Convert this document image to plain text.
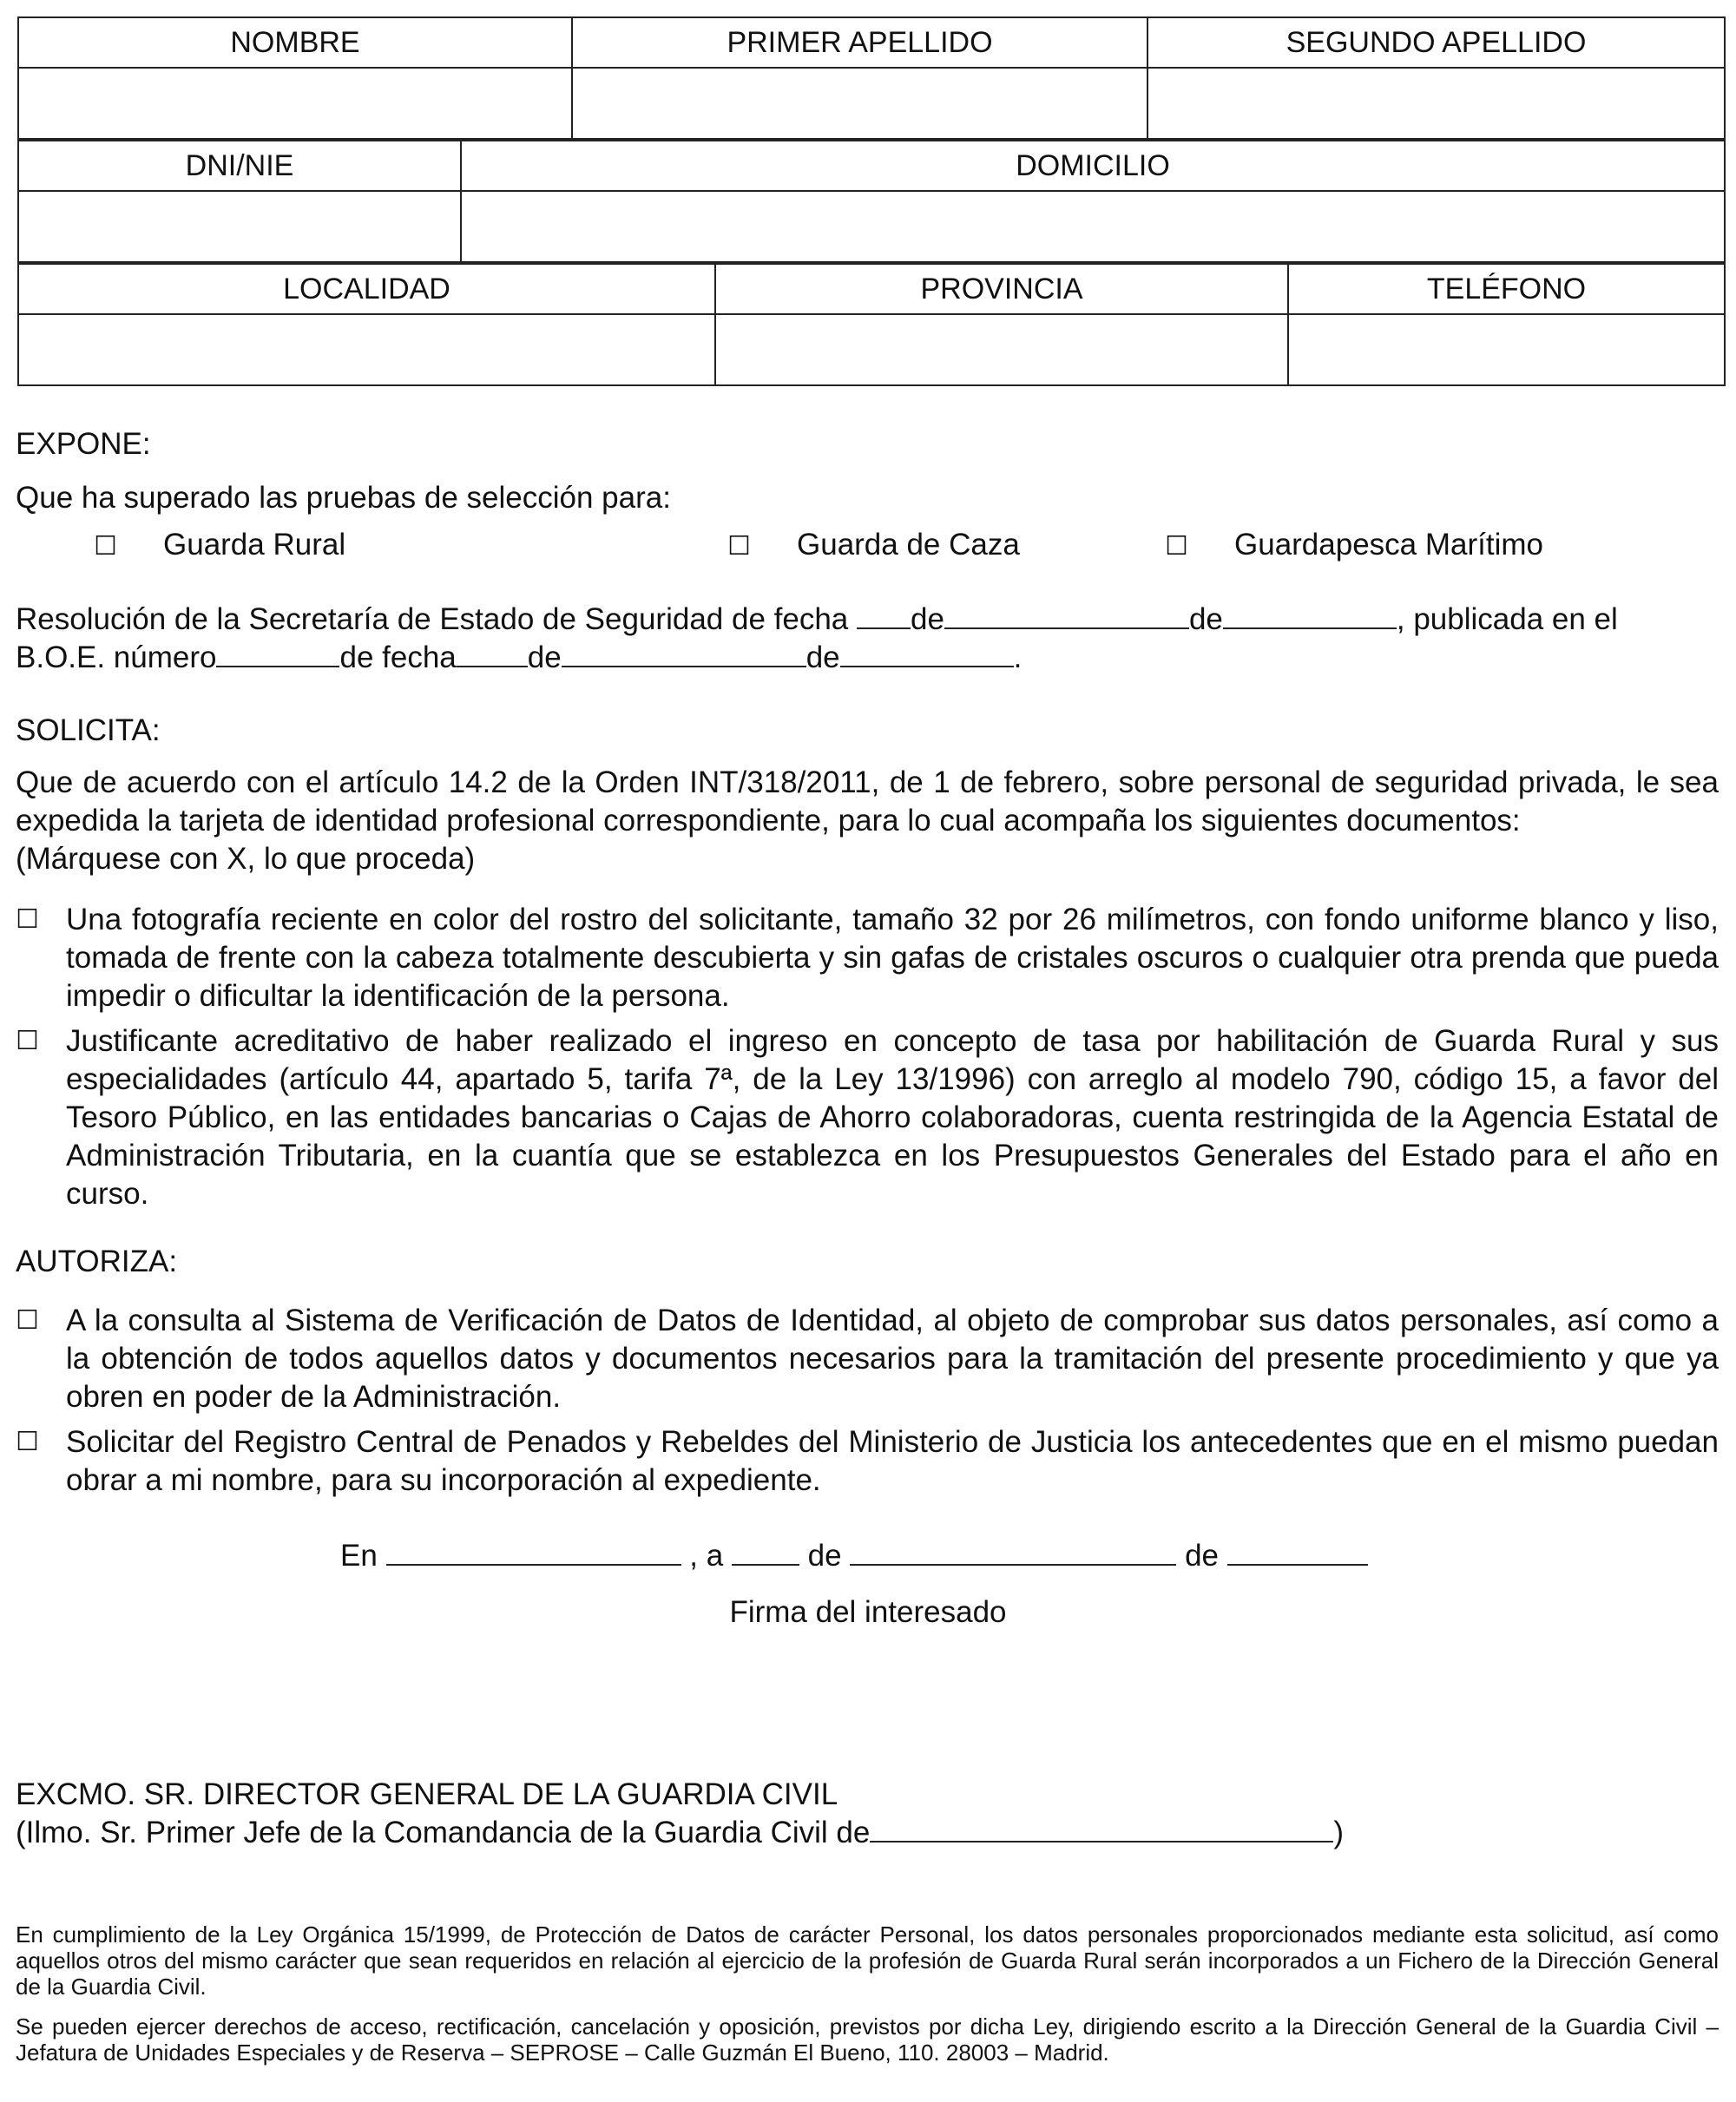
NOMBRE	PRIMER APELLIDO	SEGUNDO APELLIDO

DNI/NIE	DOMICILIO

LOCALIDAD	PROVINCIA	TELÉFONO

EXPONE:

Que ha superado las pruebas de selección para:

☐ Guarda Rural	☐ Guarda de Caza	☐ Guardapesca Marítimo

Resolución de la Secretaría de Estado de Seguridad de fecha de	de	, publicada en el

B.O.E. número	de fecha de	de	.

SOLICITA:

Que de acuerdo con el artículo 14.2 de la Orden INT/318/2011, de 1 de febrero, sobre personal de seguridad privada, le sea expedida la tarjeta de identidad profesional correspondiente, para lo cual acompaña los siguientes documentos:

(Márquese con X, lo que proceda)

☐ Una fotografía reciente en color del rostro del solicitante, tamaño 32 por 26 milímetros, con fondo uniforme blanco y liso, tomada de frente con la cabeza totalmente descubierta y sin gafas de cristales oscuros o cualquier otra prenda que pueda impedir o dificultar la identificación de la persona.
☐ Justificante acreditativo de haber realizado el ingreso en concepto de tasa por habilitación de Guarda Rural y sus especialidades (artículo 44, apartado 5, tarifa 7ª, de la Ley 13/1996) con arreglo al modelo 790, código 15, a favor del Tesoro Público, en las entidades bancarias o Cajas de Ahorro colaboradoras, cuenta restringida de la Agencia Estatal de Administración Tributaria, en la cuantía que se establezca en los Presupuestos Generales del Estado para el año en curso.

AUTORIZA:

☐ A la consulta al Sistema de Verificación de Datos de Identidad, al objeto de comprobar sus datos personales, así como a la obtención de todos aquellos datos y documentos necesarios para la tramitación del presente procedimiento y que ya obren en poder de la Administración.
☐ Solicitar del Registro Central de Penados y Rebeldes del Ministerio de Justicia los antecedentes que en el mismo puedan obrar a mi nombre, para su incorporación al expediente.

En	, a	de	de

Firma del interesado

EXCMO. SR. DIRECTOR GENERAL DE LA GUARDIA CIVIL

(Ilmo. Sr. Primer Jefe de la Comandancia de la Guardia Civil de	)

En cumplimiento de la Ley Orgánica 15/1999, de Protección de Datos de carácter Personal, los datos personales proporcionados mediante esta solicitud, así como aquellos otros del mismo carácter que sean requeridos en relación al ejercicio de la profesión de Guarda Rural serán incorporados a un Fichero de la Dirección General de la Guardia Civil.

Se pueden ejercer derechos de acceso, rectificación, cancelación y oposición, previstos por dicha Ley, dirigiendo escrito a la Dirección General de la Guardia Civil – Jefatura de Unidades Especiales y de Reserva – SEPROSE – Calle Guzmán El Bueno, 110. 28003 – Madrid.
